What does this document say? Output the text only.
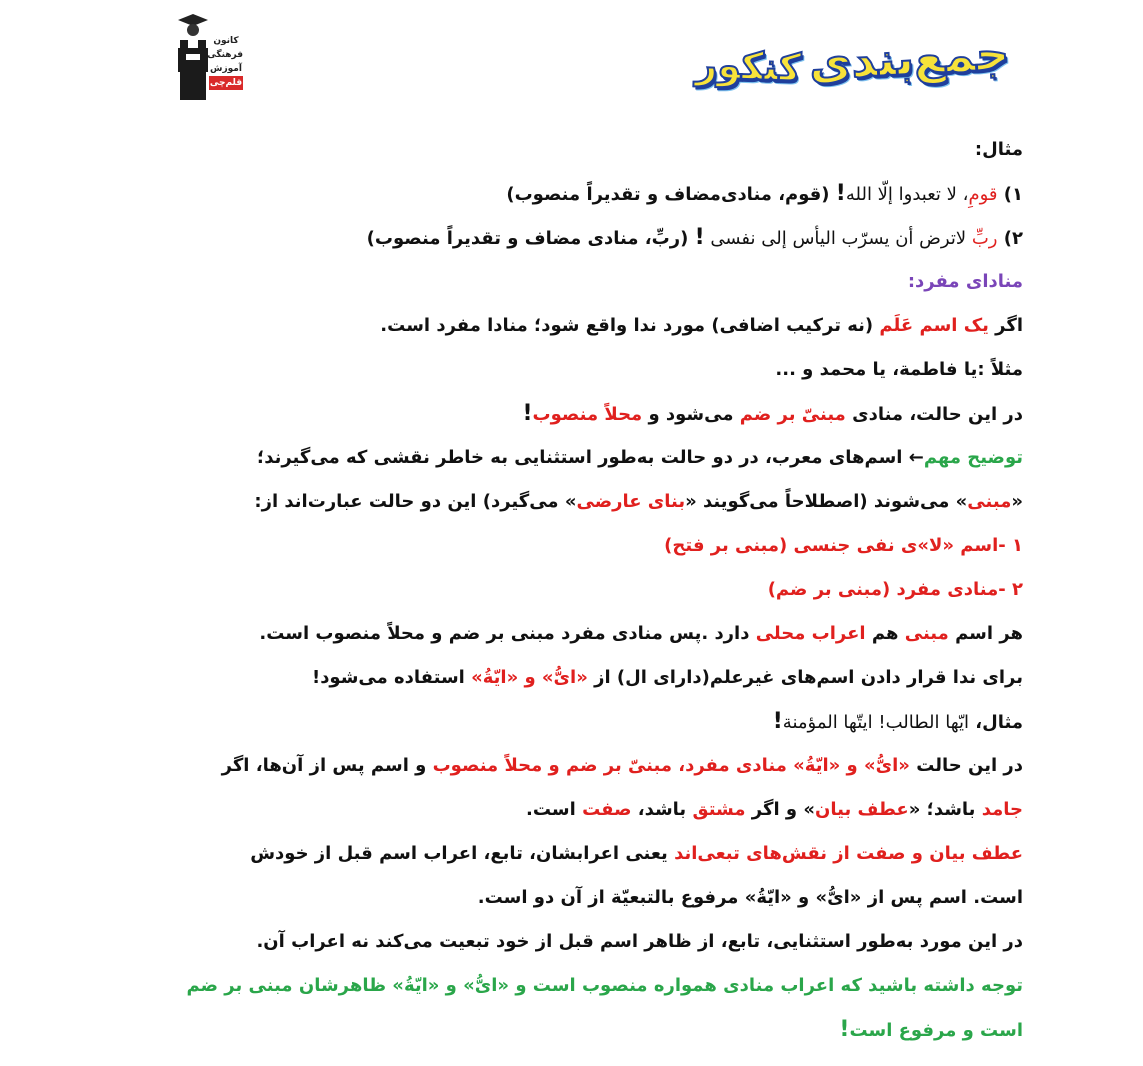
جمع‌بندی
کنکور
کانون
فرهنگی
آموزش
قلم‌چی
مثال:
۱) قومِ، لا تعبدوا إلّا الله! (قوم، منادی‌مضاف و تقدیراً منصوب)
۲) ربِّ لاترض أن یسرّب الیأس إلی نفسی ! (ربِّ، منادی مضاف و تقدیراً منصوب)
منادای مفرد:
اگر یک اسم عَلَم (نه ترکیب اضافی) مورد ندا واقع شود؛ منادا مفرد است.
مثلاً :یا فاطمة، یا محمد و ...
در این حالت، منادی مبنیّ بر ضم می‌شود و محلاً منصوب!
توضیح مهم← اسم‌های معرب، در دو حالت به‌طور استثنایی به خاطر نقشی که می‌گیرند؛
«مبنی» می‌شوند (اصطلاحاً می‌گویند «بنای عارضی» می‌گیرد) این دو حالت عبارت‌اند از:
۱ -اسم «لا»ی نفی جنسی (مبنی بر فتح)
۲ -منادی مفرد (مبنی بر ضم)
هر اسم مبنی هم اعراب محلی دارد .پس منادی مفرد مبنی بر ضم و محلاً منصوب است.
برای ندا قرار دادن اسم‌های غیرعلم(دارای ال) از «ایُّ» و «ایّةُ» استفاده می‌شود!
مثال، ایّها الطالب! ایتّها المؤمنة!
در این حالت «ایُّ» و «ایّةُ» منادی مفرد، مبنیّ بر ضم و محلاً منصوب و اسم پس از آن‌ها، اگر
جامد باشد؛ «عطف بیان» و اگر مشتق باشد، صفت است.
عطف بیان و صفت از نقش‌های تبعی‌اند یعنی اعرابشان، تابع، اعراب اسم قبل از خودش
است. اسم پس از «ایُّ» و «ایّةُ» مرفوع بالتبعیّة از آن دو است.
در این مورد به‌طور استثنایی، تابع، از ظاهر اسم قبل از خود تبعیت می‌کند نه اعراب آن.
توجه داشته باشید که اعراب منادی همواره منصوب است و «ایُّ» و «ایّةُ» ظاهرشان مبنی بر ضم
است و مرفوع است!
